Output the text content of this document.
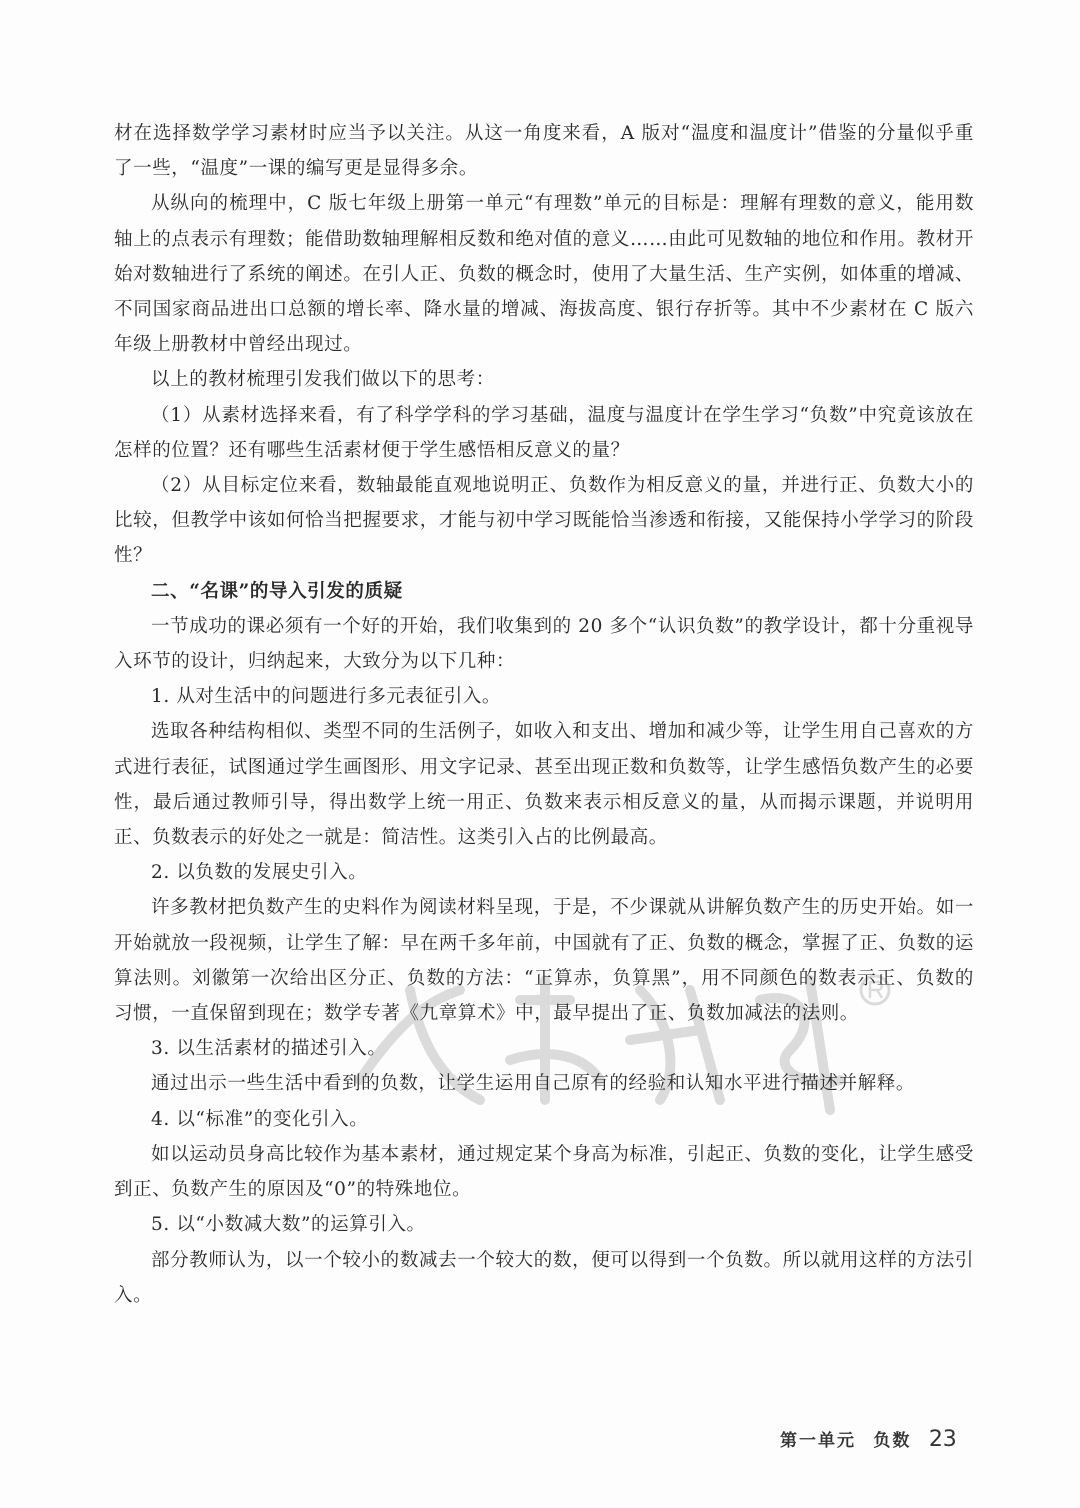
材在选择数学学习素材时应当予以关注。从这一角度来看，A 版对“温度和温度计”借鉴的分量似乎重了一些，“温度”一课的编写更是显得多余。

从纵向的梳理中，C 版七年级上册第一单元“有理数”单元的目标是：理解有理数的意义，能用数轴上的点表示有理数；能借助数轴理解相反数和绝对值的意义……由此可见数轴的地位和作用。教材开始对数轴进行了系统的阐述。在引人正、负数的概念时，使用了大量生活、生产实例，如体重的增减、不同国家商品进出口总额的增长率、降水量的增减、海拔高度、银行存折等。其中不少素材在 C 版六年级上册教材中曾经出现过。

以上的教材梳理引发我们做以下的思考：

（1）从素材选择来看，有了科学学科的学习基础，温度与温度计在学生学习“负数”中究竟该放在怎样的位置？还有哪些生活素材便于学生感悟相反意义的量？

（2）从目标定位来看，数轴最能直观地说明正、负数作为相反意义的量，并进行正、负数大小的比较，但教学中该如何恰当把握要求，才能与初中学习既能恰当渗透和衔接，又能保持小学学习的阶段性？

二、“名课”的导入引发的质疑

一节成功的课必须有一个好的开始，我们收集到的 20 多个“认识负数”的教学设计，都十分重视导入环节的设计，归纳起来，大致分为以下几种：

1. 从对生活中的问题进行多元表征引入。

选取各种结构相似、类型不同的生活例子，如收入和支出、增加和减少等，让学生用自己喜欢的方式进行表征，试图通过学生画图形、用文字记录、甚至出现正数和负数等，让学生感悟负数产生的必要性，最后通过教师引导，得出数学上统一用正、负数来表示相反意义的量，从而揭示课题，并说明用正、负数表示的好处之一就是：简洁性。这类引入占的比例最高。

2. 以负数的发展史引入。

许多教材把负数产生的史料作为阅读材料呈现，于是，不少课就从讲解负数产生的历史开始。如一开始就放一段视频，让学生了解：早在两千多年前，中国就有了正、负数的概念，掌握了正、负数的运算法则。刘徽第一次给出区分正、负数的方法：“正算赤，负算黑”，用不同颜色的数表示正、负数的习惯，一直保留到现在；数学专著《九章算术》中，最早提出了正、负数加减法的法则。

3. 以生活素材的描述引入。

通过出示一些生活中看到的负数，让学生运用自己原有的经验和认知水平进行描述并解释。

4. 以“标准”的变化引入。

如以运动员身高比较作为基本素材，通过规定某个身高为标准，引起正、负数的变化，让学生感受到正、负数产生的原因及“0”的特殊地位。

5. 以“小数减大数”的运算引入。

部分教师认为，以一个较小的数减去一个较大的数，便可以得到一个负数。所以就用这样的方法引入。

第一单元 负数 23
